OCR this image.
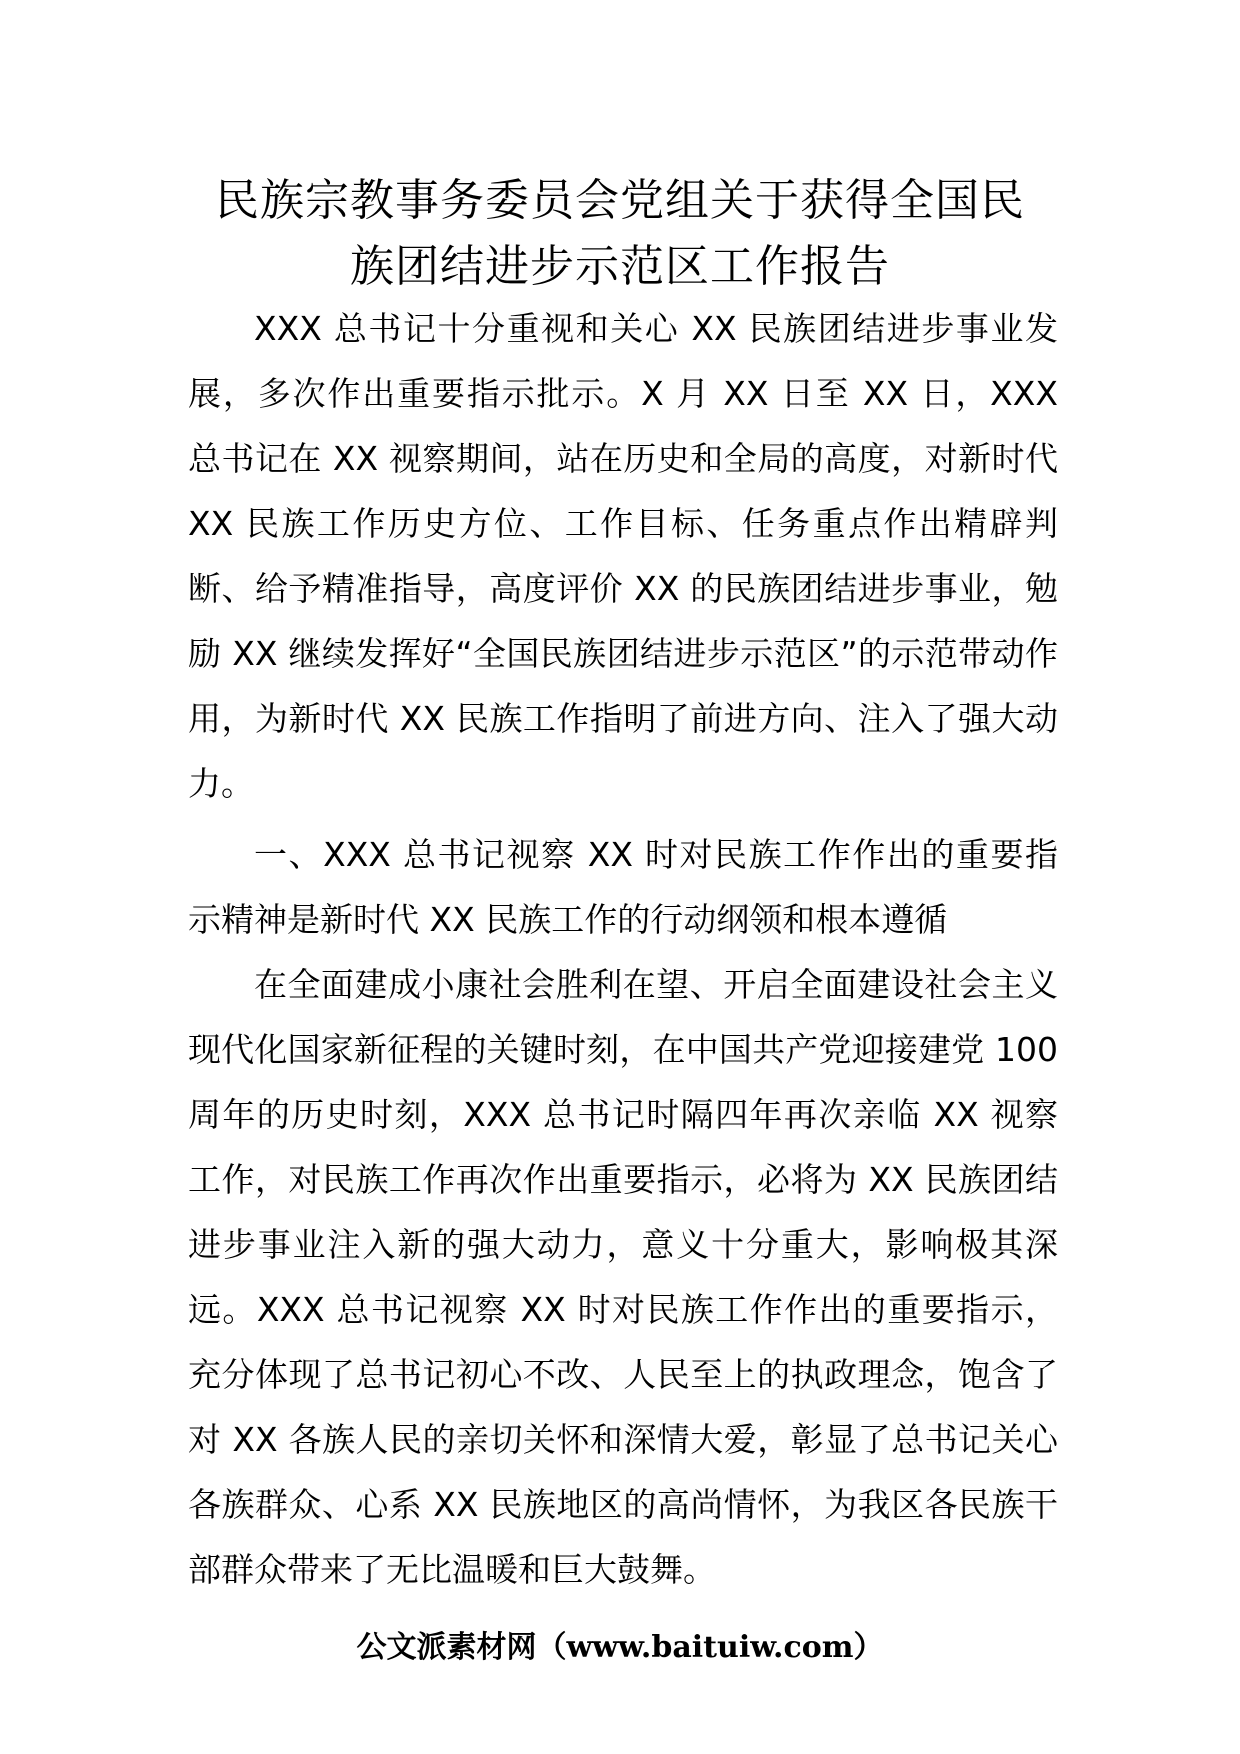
民族宗教事务委员会党组关于获得全国民
族团结进步示范区工作报告

XXX 总书记十分重视和关心 XX 民族团结进步事业发展，多次作出重要指示批示。X 月 XX 日至 XX 日，XXX 总书记在 XX 视察期间，站在历史和全局的高度，对新时代 XX 民族工作历史方位、工作目标、任务重点作出精辟判断、给予精准指导，高度评价 XX 的民族团结进步事业，勉励 XX 继续发挥好“全国民族团结进步示范区”的示范带动作用，为新时代 XX 民族工作指明了前进方向、注入了强大动力。

一、XXX 总书记视察 XX 时对民族工作作出的重要指示精神是新时代 XX 民族工作的行动纲领和根本遵循

在全面建成小康社会胜利在望、开启全面建设社会主义现代化国家新征程的关键时刻，在中国共产党迎接建党 100 周年的历史时刻，XXX 总书记时隔四年再次亲临 XX 视察工作，对民族工作再次作出重要指示，必将为 XX 民族团结进步事业注入新的强大动力，意义十分重大，影响极其深远。XXX 总书记视察 XX 时对民族工作作出的重要指示，充分体现了总书记初心不改、人民至上的执政理念，饱含了对 XX 各族人民的亲切关怀和深情大爱，彰显了总书记关心各族群众、心系 XX 民族地区的高尚情怀，为我区各民族干部群众带来了无比温暖和巨大鼓舞。

公文派素材网（www.baituiw.com）
